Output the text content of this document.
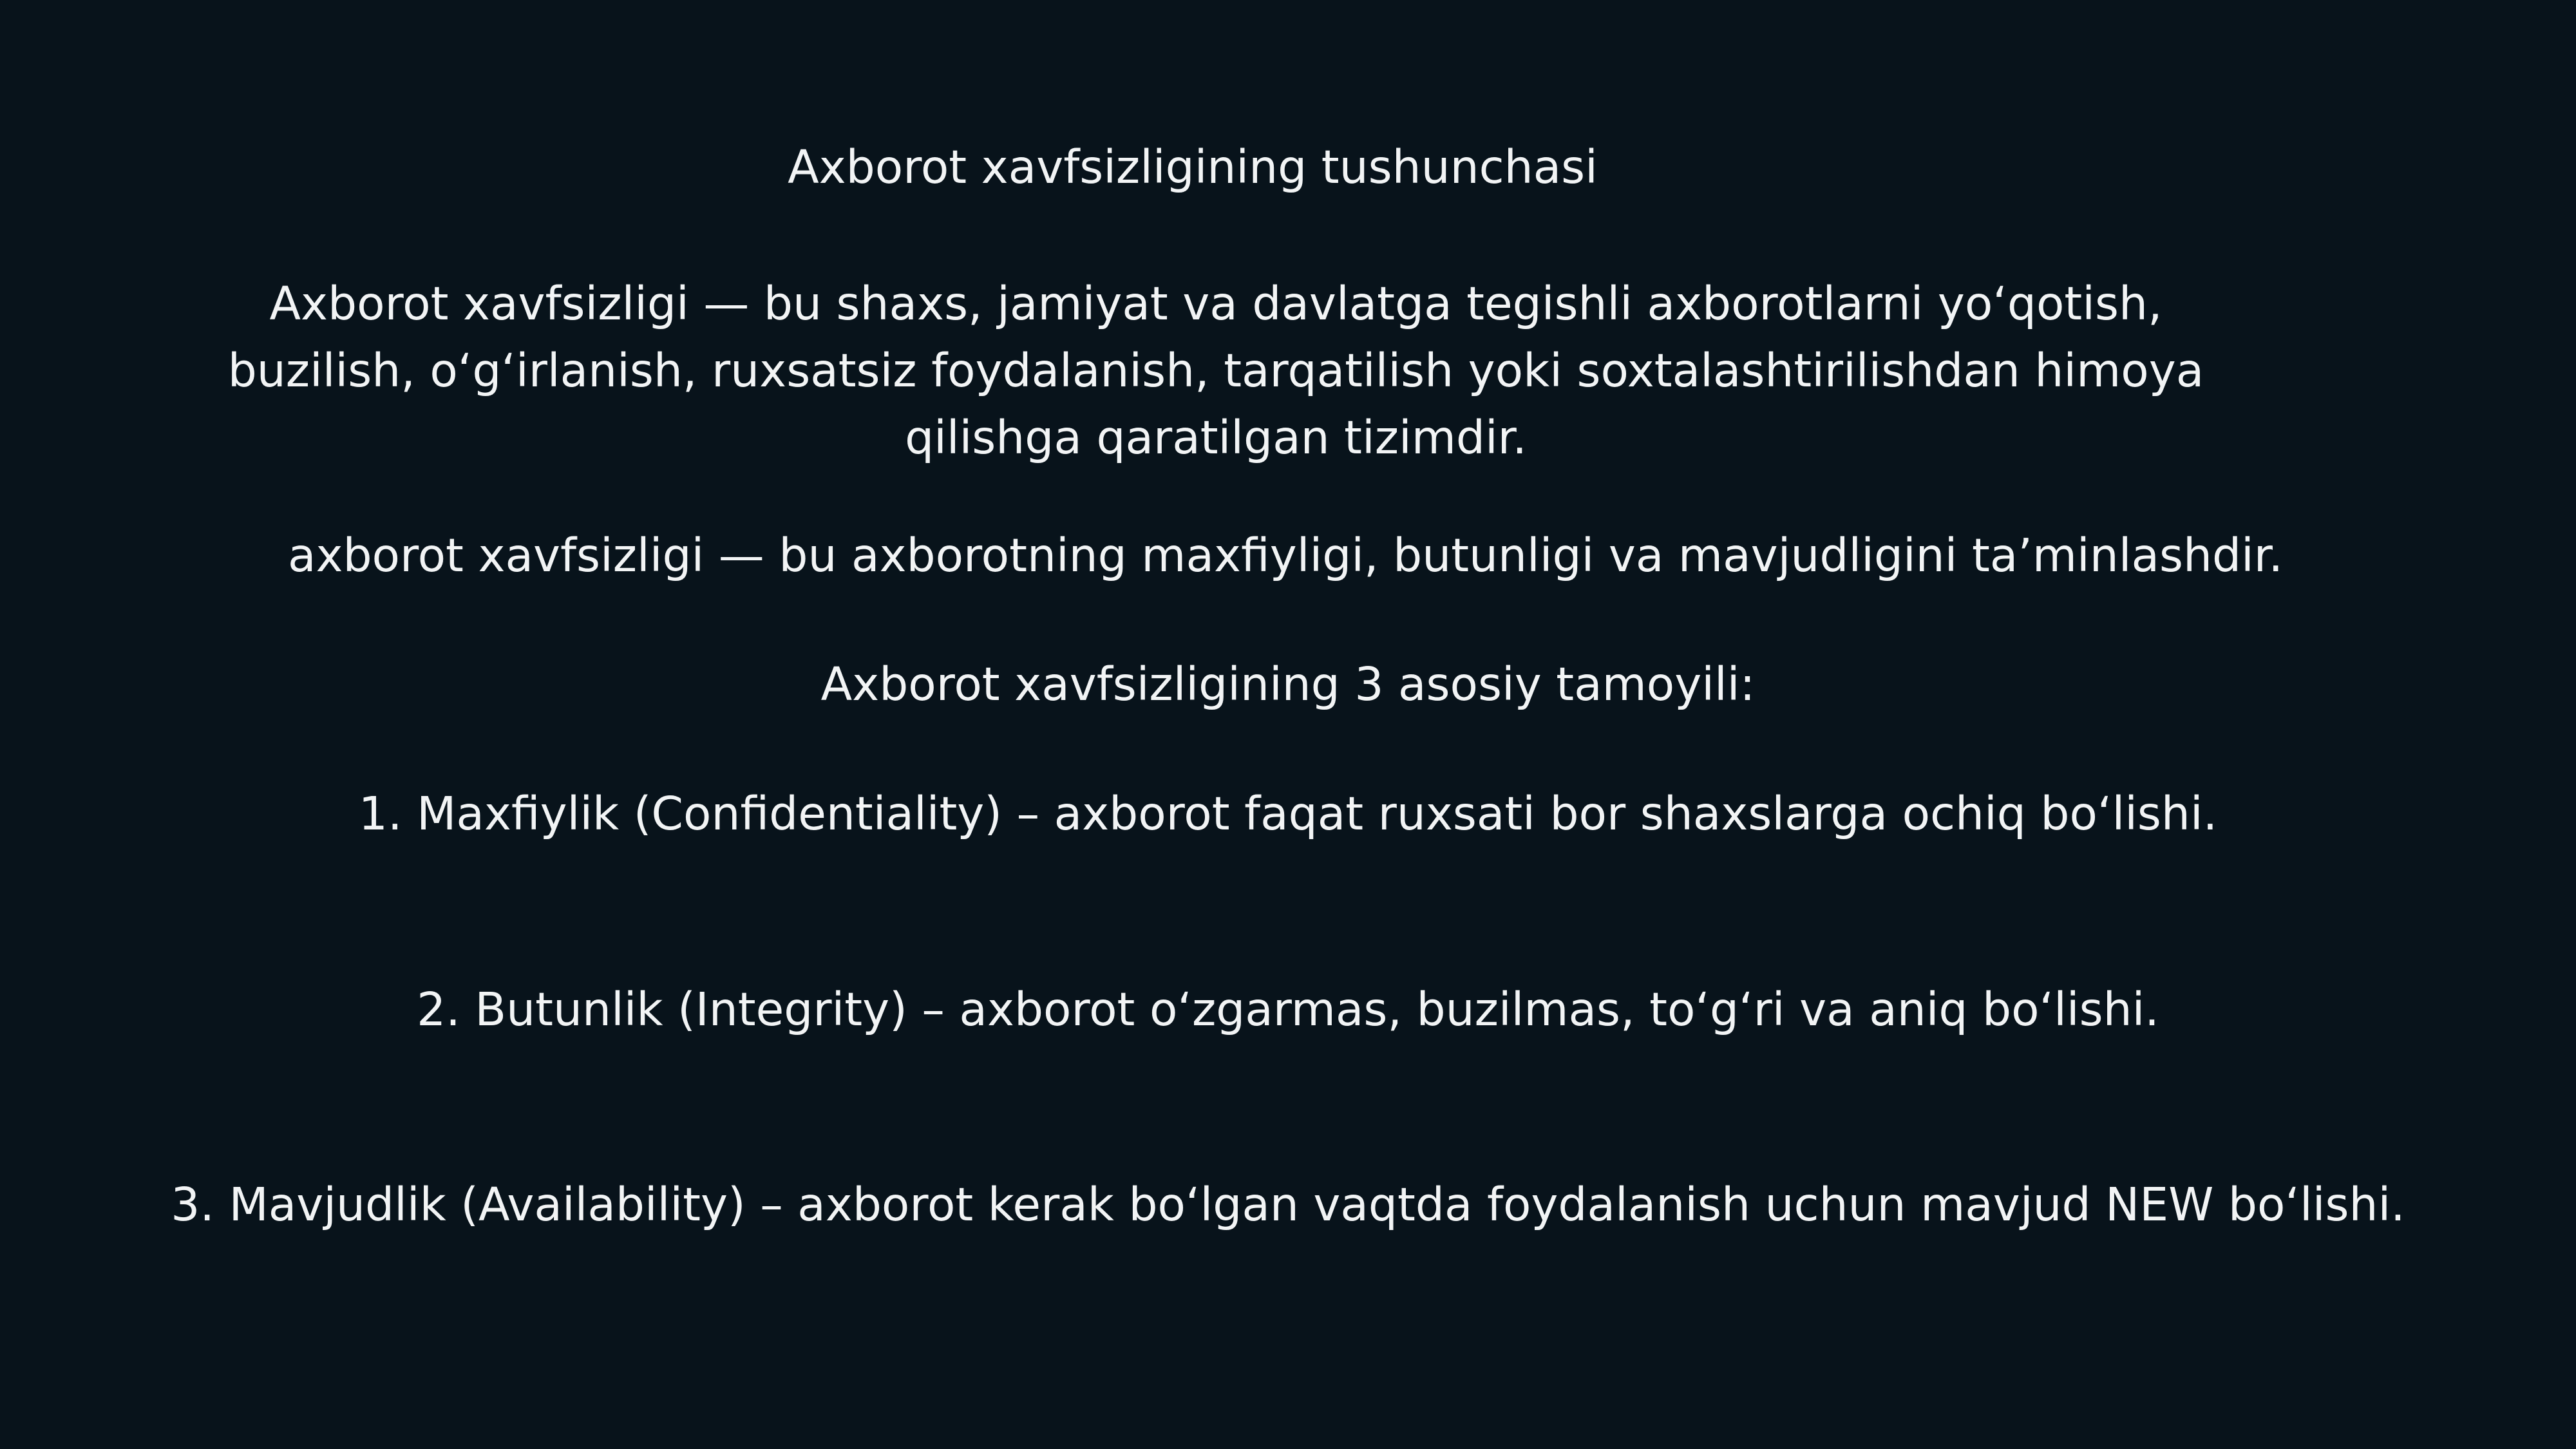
Axborot xavfsizligining tushunchasi
Axborot xavfsizligi — bu shaxs, jamiyat va davlatga tegishli axborotlarni yo‘qotish,
buzilish, o‘g‘irlanish, ruxsatsiz foydalanish, tarqatilish yoki soxtalashtirilishdan himoya
qilishga qaratilgan tizimdir.
axborot xavfsizligi — bu axborotning maxfiyligi, butunligi va mavjudligini ta’minlashdir.
Axborot xavfsizligining 3 asosiy tamoyili:
1. Maxfiylik (Confidentiality) – axborot faqat ruxsati bor shaxslarga ochiq bo‘lishi.
2. Butunlik (Integrity) – axborot o‘zgarmas, buzilmas, to‘g‘ri va aniq bo‘lishi.
3. Mavjudlik (Availability) – axborot kerak bo‘lgan vaqtda foydalanish uchun mavjud NEW bo‘lishi.
